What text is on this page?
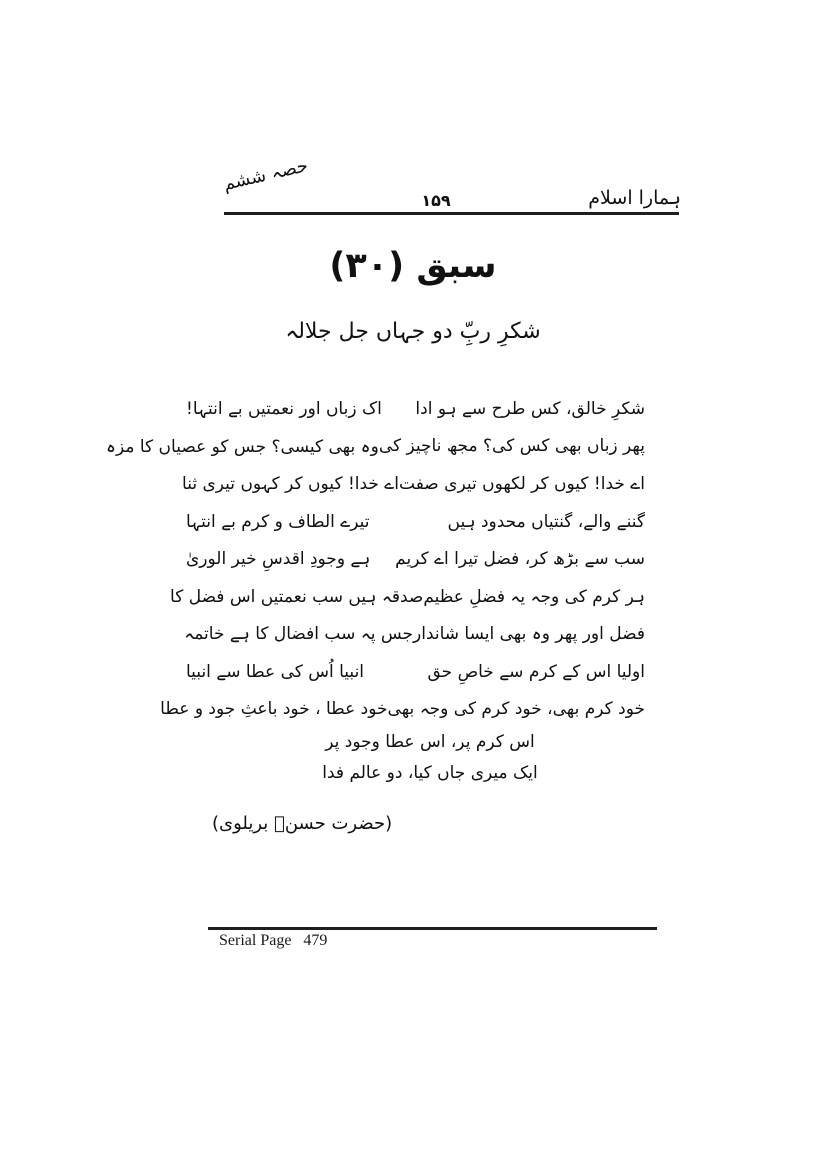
حصہ ششم
۱۵۹	ہمارا اسلام
سبق (۳۰)
شکرِ ربِّ دو جہاں جل جلالہ
شکرِ خالق، کس طرح سے ہو ادا
اک زباں اور نعمتیں بے انتہا!
پھر زباں بھی کس کی؟ مجھ ناچیز کی
وہ بھی کیسی؟ جس کو عصیاں کا مزہ
اے خدا! کیوں کر لکھوں تیری صفت
اے خدا! کیوں کر کہوں تیری ثنا
گننے والے، گنتیاں محدود ہیں
تیرے الطاف و کرم بے انتہا
سب سے بڑھ کر، فضل تیرا اے کریم
ہے وجودِ اقدسِ خیر الوریٰ
ہر کرم کی وجہ یہ فضلِ عظیم
صدقہ ہیں سب نعمتیں اس فضل کا
فضل اور پھر وہ بھی ایسا شاندار
جس پہ سب افضال کا ہے خاتمہ
اولیا اس کے کرم سے خاصِ حق
انبیا اُس کی عطا سے انبیا
خود کرم بھی، خود کرم کی وجہ بھی
خود عطا ، خود باعثِ جود و عطا
اس کرم پر، اس عطا وجود پر
ایک میری جاں کیا، دو عالم فدا
(حضرت حسنؔ بریلوی)
Serial Page 479
